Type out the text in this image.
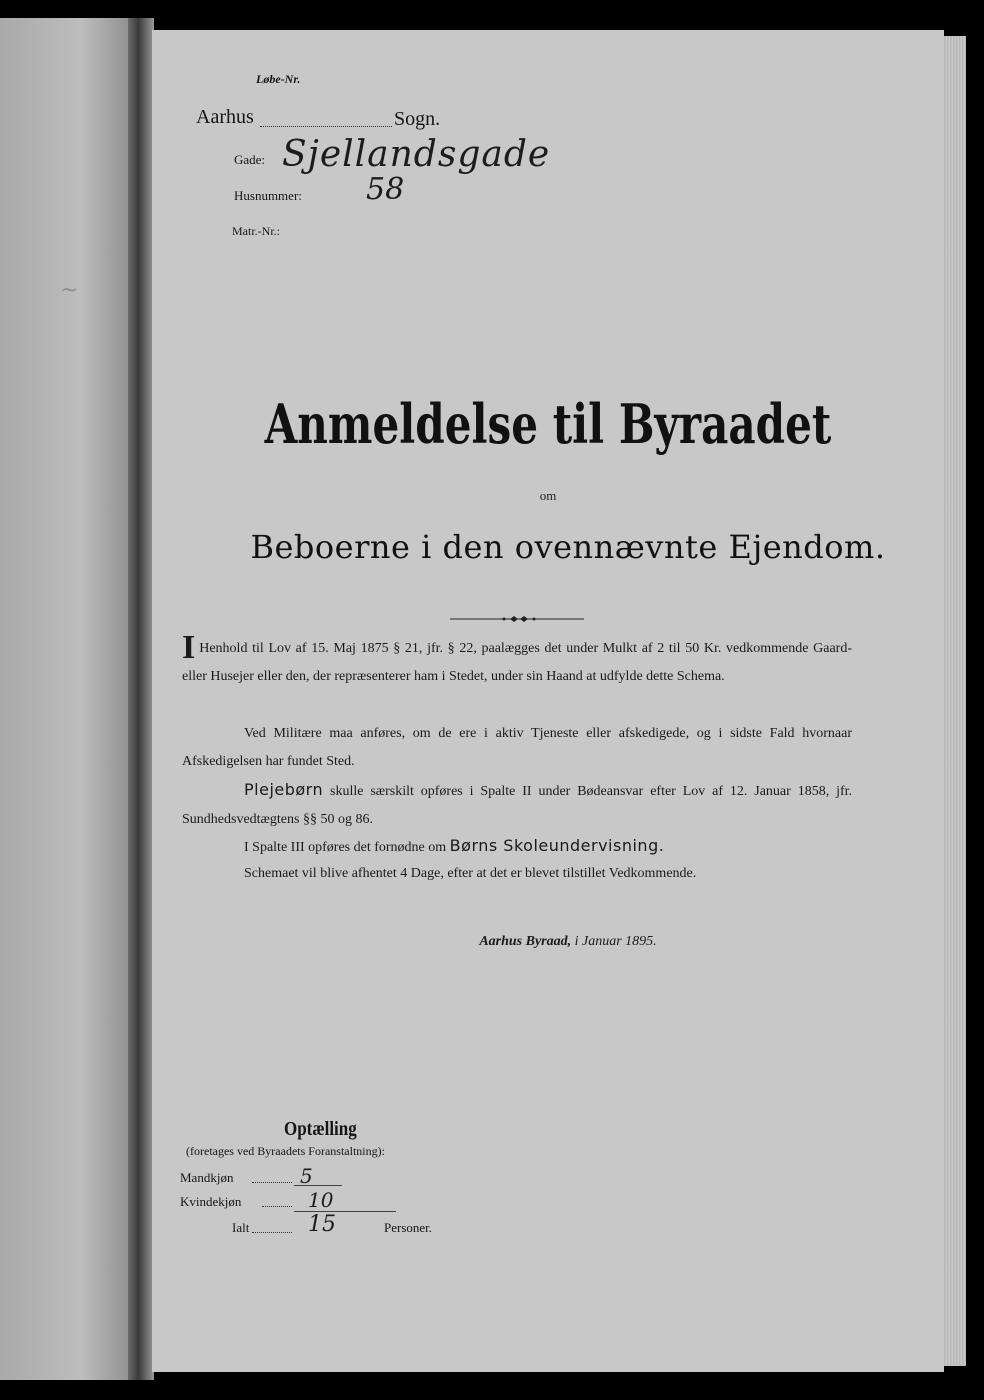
~
Løbe-Nr.
Aarhus	Sogn.
Gade: Sjellandsgade
Husnummer: 58
Matr.-Nr.:
Anmeldelse til Byraadet
om
Beboerne i den ovennævnte Ejendom.

I Henhold til Lov af 15. Maj 1875 § 21, jfr. § 22, paalægges det under Mulkt af 2 til 50 Kr. vedkommende Gaard- eller Husejer eller den, der repræsenterer ham i Stedet, under sin Haand at udfylde dette Schema.

Ved Militære maa anføres, om de ere i aktiv Tjeneste eller afskedigede, og i sidste Fald hvornaar Afskedigelsen har fundet Sted.

Plejebørn skulle særskilt opføres i Spalte II under Bødeansvar efter Lov af 12. Januar 1858, jfr. Sundhedsvedtægtens §§ 50 og 86.

I Spalte III opføres det fornødne om Børns Skoleundervisning.

Schemaet vil blive afhentet 4 Dage, efter at det er blevet tilstillet Vedkommende.

Aarhus Byraad, i Januar 1895.
Optælling
(foretages ved Byraadets Foranstaltning):
Mandkjøn	5
Kvindekjøn	10
Ialt	15	Personer.
